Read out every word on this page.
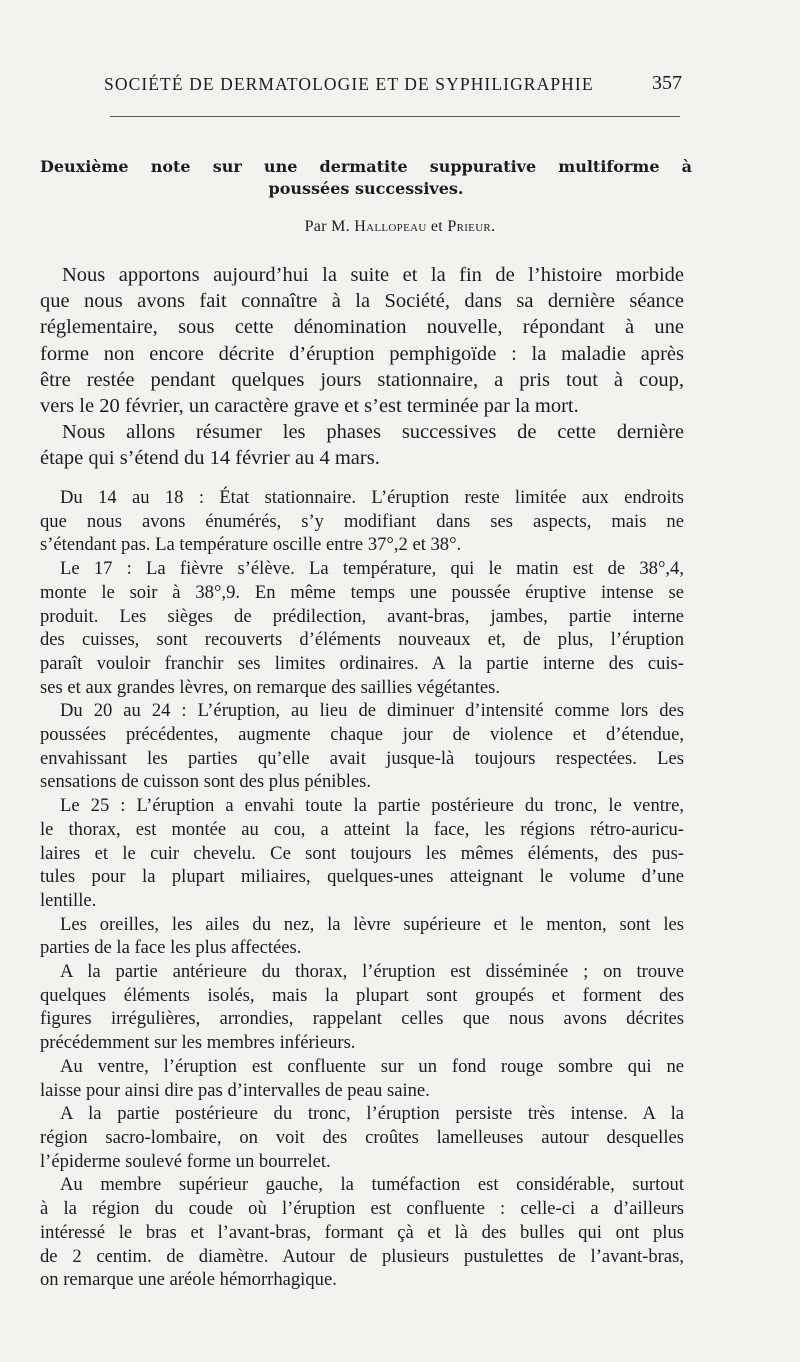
SOCIÉTÉ DE DERMATOLOGIE ET DE SYPHILIGRAPHIE	357
Deuxième note sur une dermatite suppurative multiforme à
poussées successives.
Par M. Hallopeau et Prieur.
Nous apportons aujourd’hui la suite et la fin de l’histoire morbide
que nous avons fait connaître à la Société, dans sa dernière séance
réglementaire, sous cette dénomination nouvelle, répondant à une
forme non encore décrite d’éruption pemphigoïde : la maladie après
être restée pendant quelques jours stationnaire, a pris tout à coup,
vers le 20 février, un caractère grave et s’est terminée par la mort.
Nous allons résumer les phases successives de cette dernière
étape qui s’étend du 14 février au 4 mars.
Du 14 au 18 : État stationnaire. L’éruption reste limitée aux endroits
que nous avons énumérés, s’y modifiant dans ses aspects, mais ne
s’étendant pas. La température oscille entre 37°,2 et 38°.
Le 17 : La fièvre s’élève. La température, qui le matin est de 38°,4,
monte le soir à 38°,9. En même temps une poussée éruptive intense se
produit. Les sièges de prédilection, avant-bras, jambes, partie interne
des cuisses, sont recouverts d’éléments nouveaux et, de plus, l’éruption
paraît vouloir franchir ses limites ordinaires. A la partie interne des cuis-
ses et aux grandes lèvres, on remarque des saillies végétantes.
Du 20 au 24 : L’éruption, au lieu de diminuer d’intensité comme lors des
poussées précédentes, augmente chaque jour de violence et d’étendue,
envahissant les parties qu’elle avait jusque-là toujours respectées. Les
sensations de cuisson sont des plus pénibles.
Le 25 : L’éruption a envahi toute la partie postérieure du tronc, le ventre,
le thorax, est montée au cou, a atteint la face, les régions rétro-auricu-
laires et le cuir chevelu. Ce sont toujours les mêmes éléments, des pus-
tules pour la plupart miliaires, quelques-unes atteignant le volume d’une
lentille.
Les oreilles, les ailes du nez, la lèvre supérieure et le menton, sont les
parties de la face les plus affectées.
A la partie antérieure du thorax, l’éruption est disséminée ; on trouve
quelques éléments isolés, mais la plupart sont groupés et forment des
figures irrégulières, arrondies, rappelant celles que nous avons décrites
précédemment sur les membres inférieurs.
Au ventre, l’éruption est confluente sur un fond rouge sombre qui ne
laisse pour ainsi dire pas d’intervalles de peau saine.
A la partie postérieure du tronc, l’éruption persiste très intense. A la
région sacro-lombaire, on voit des croûtes lamelleuses autour desquelles
l’épiderme soulevé forme un bourrelet.
Au membre supérieur gauche, la tuméfaction est considérable, surtout
à la région du coude où l’éruption est confluente : celle-ci a d’ailleurs
intéressé le bras et l’avant-bras, formant çà et là des bulles qui ont plus
de 2 centim. de diamètre. Autour de plusieurs pustulettes de l’avant-bras,
on remarque une aréole hémorrhagique.
